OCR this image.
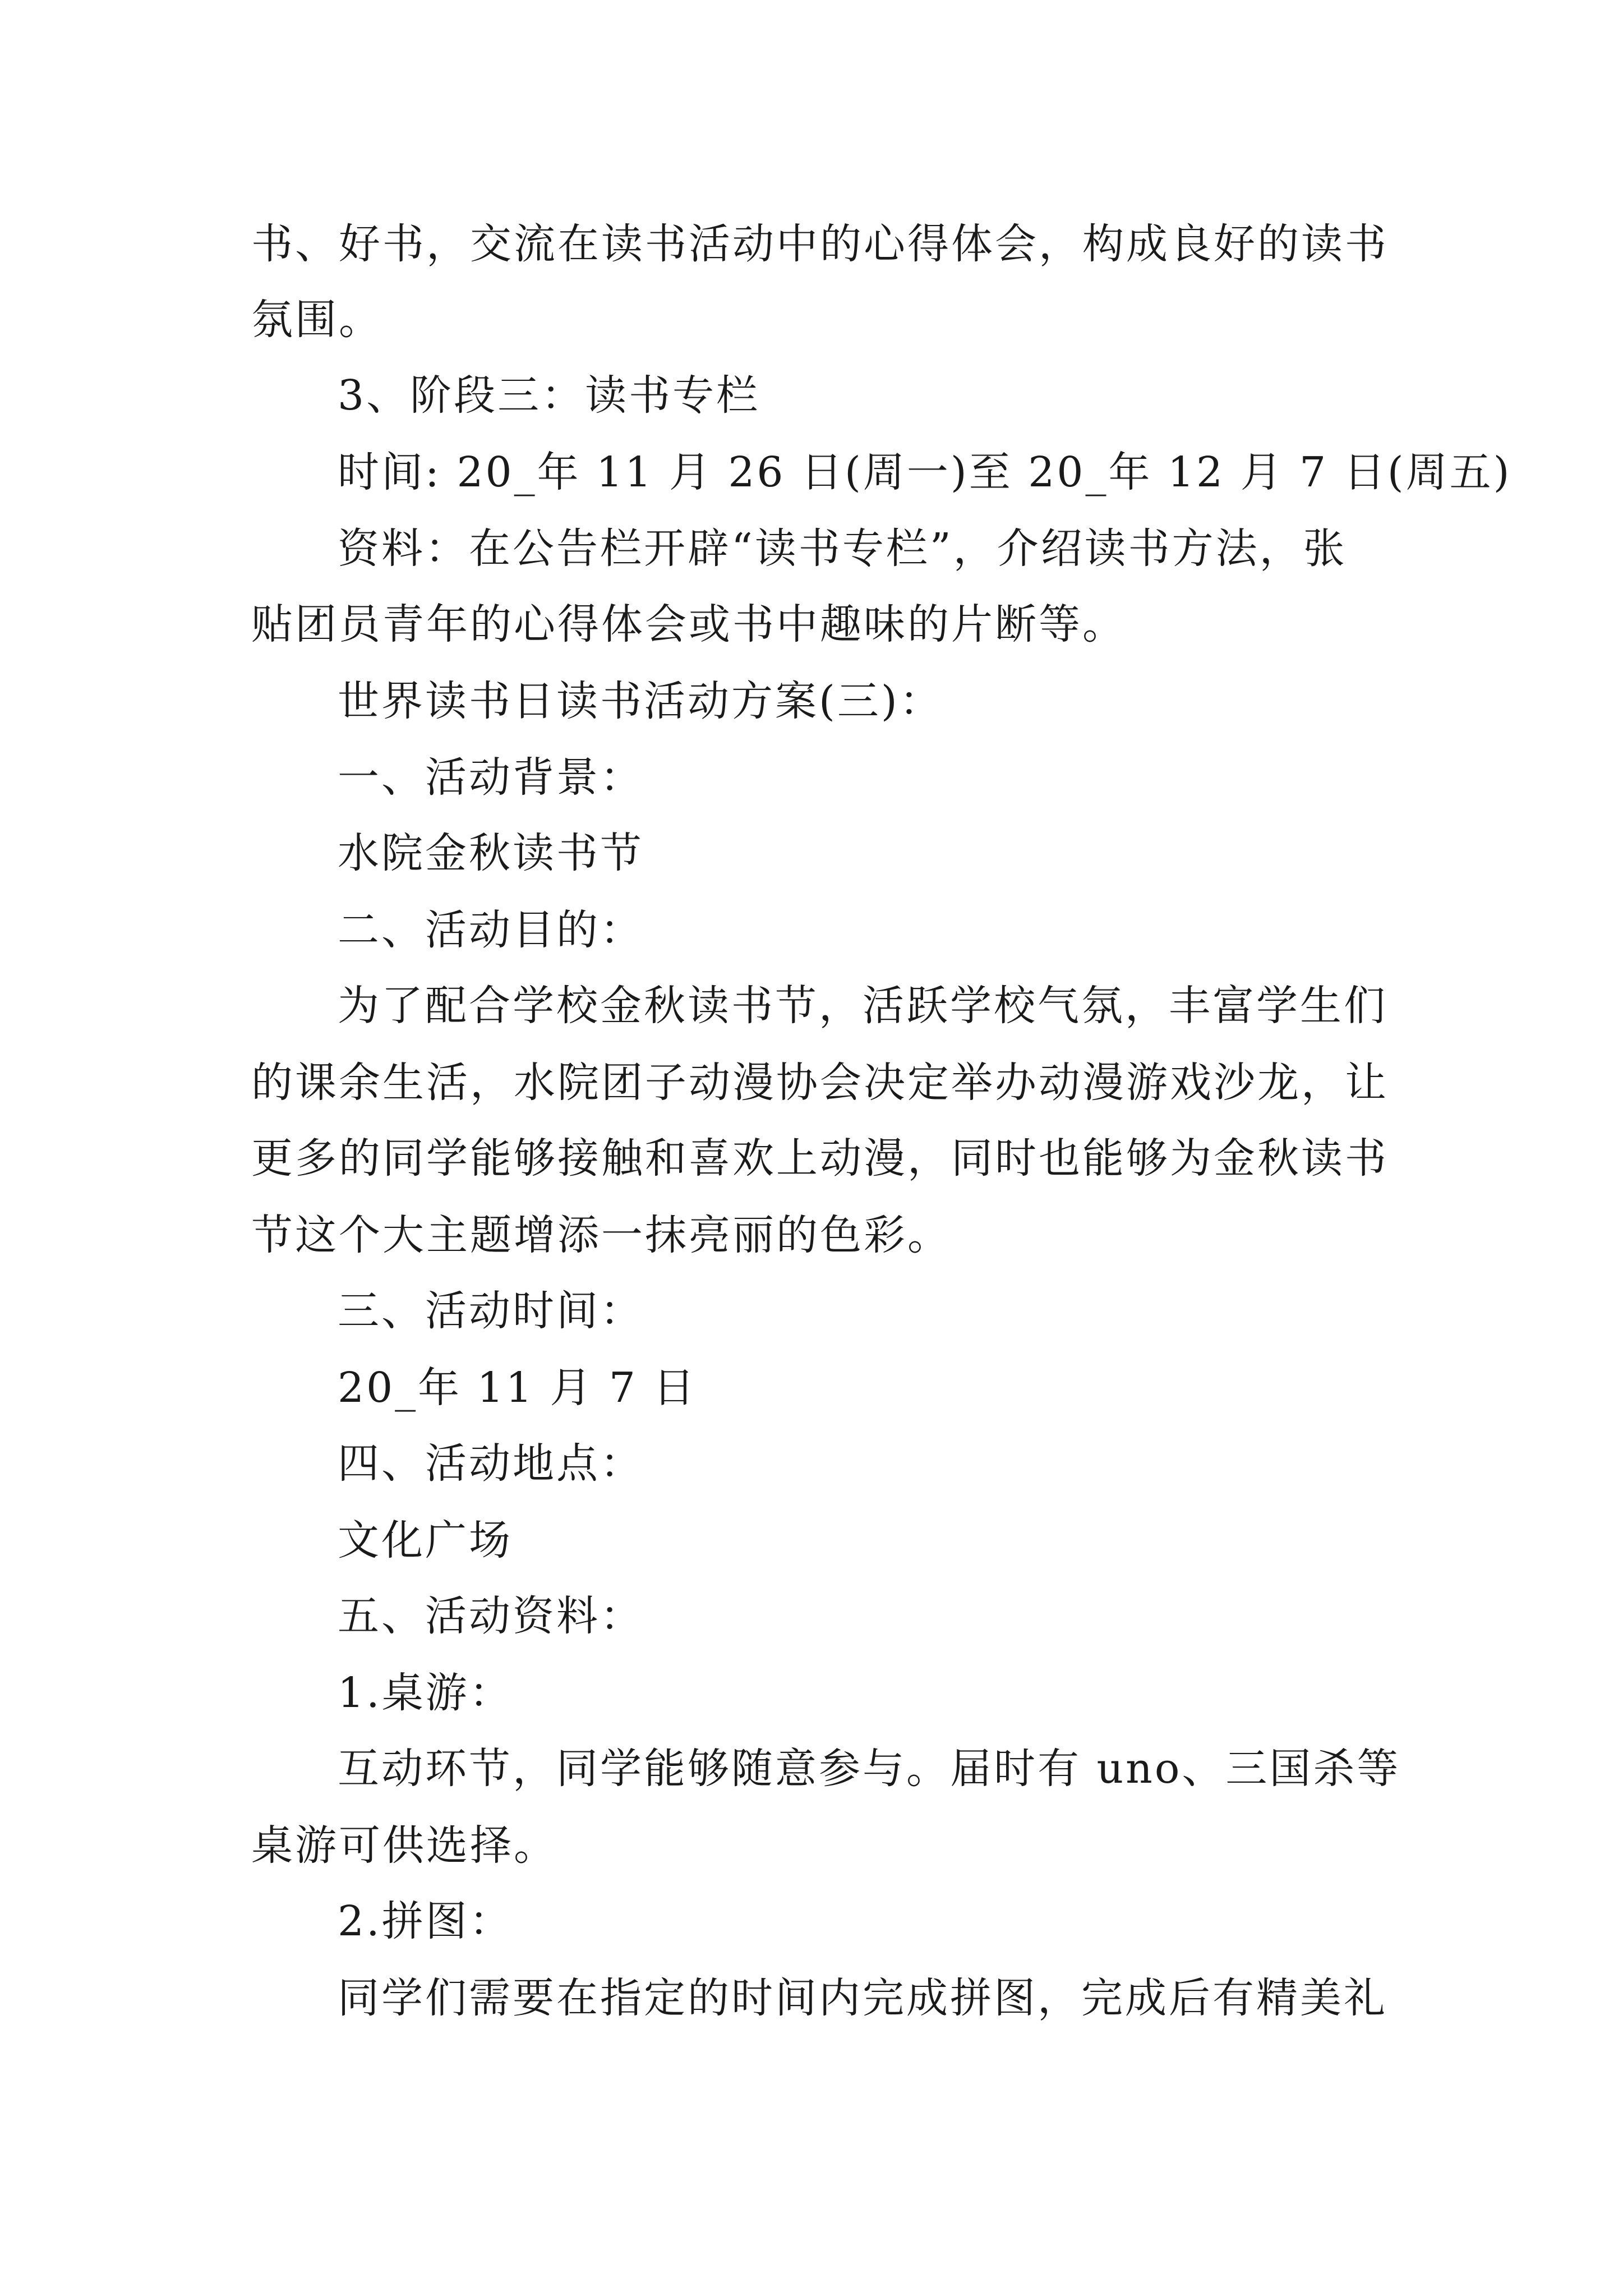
书、好书，交流在读书活动中的心得体会，构成良好的读书
氛围。
3、阶段三：读书专栏
时间: 20_年 11 月 26 日(周一)至 20_年 12 月 7 日(周五)
资料：在公告栏开辟“读书专栏”，介绍读书方法，张
贴团员青年的心得体会或书中趣味的片断等。
世界读书日读书活动方案(三)：
一、活动背景：
水院金秋读书节
二、活动目的：
为了配合学校金秋读书节，活跃学校气氛，丰富学生们
的课余生活，水院团子动漫协会决定举办动漫游戏沙龙，让
更多的同学能够接触和喜欢上动漫，同时也能够为金秋读书
节这个大主题增添一抹亮丽的色彩。
三、活动时间：
20_年 11 月 7 日
四、活动地点：
文化广场
五、活动资料：
1.桌游：
互动环节，同学能够随意参与。届时有 uno、三国杀等
桌游可供选择。
2.拼图：
同学们需要在指定的时间内完成拼图，完成后有精美礼
